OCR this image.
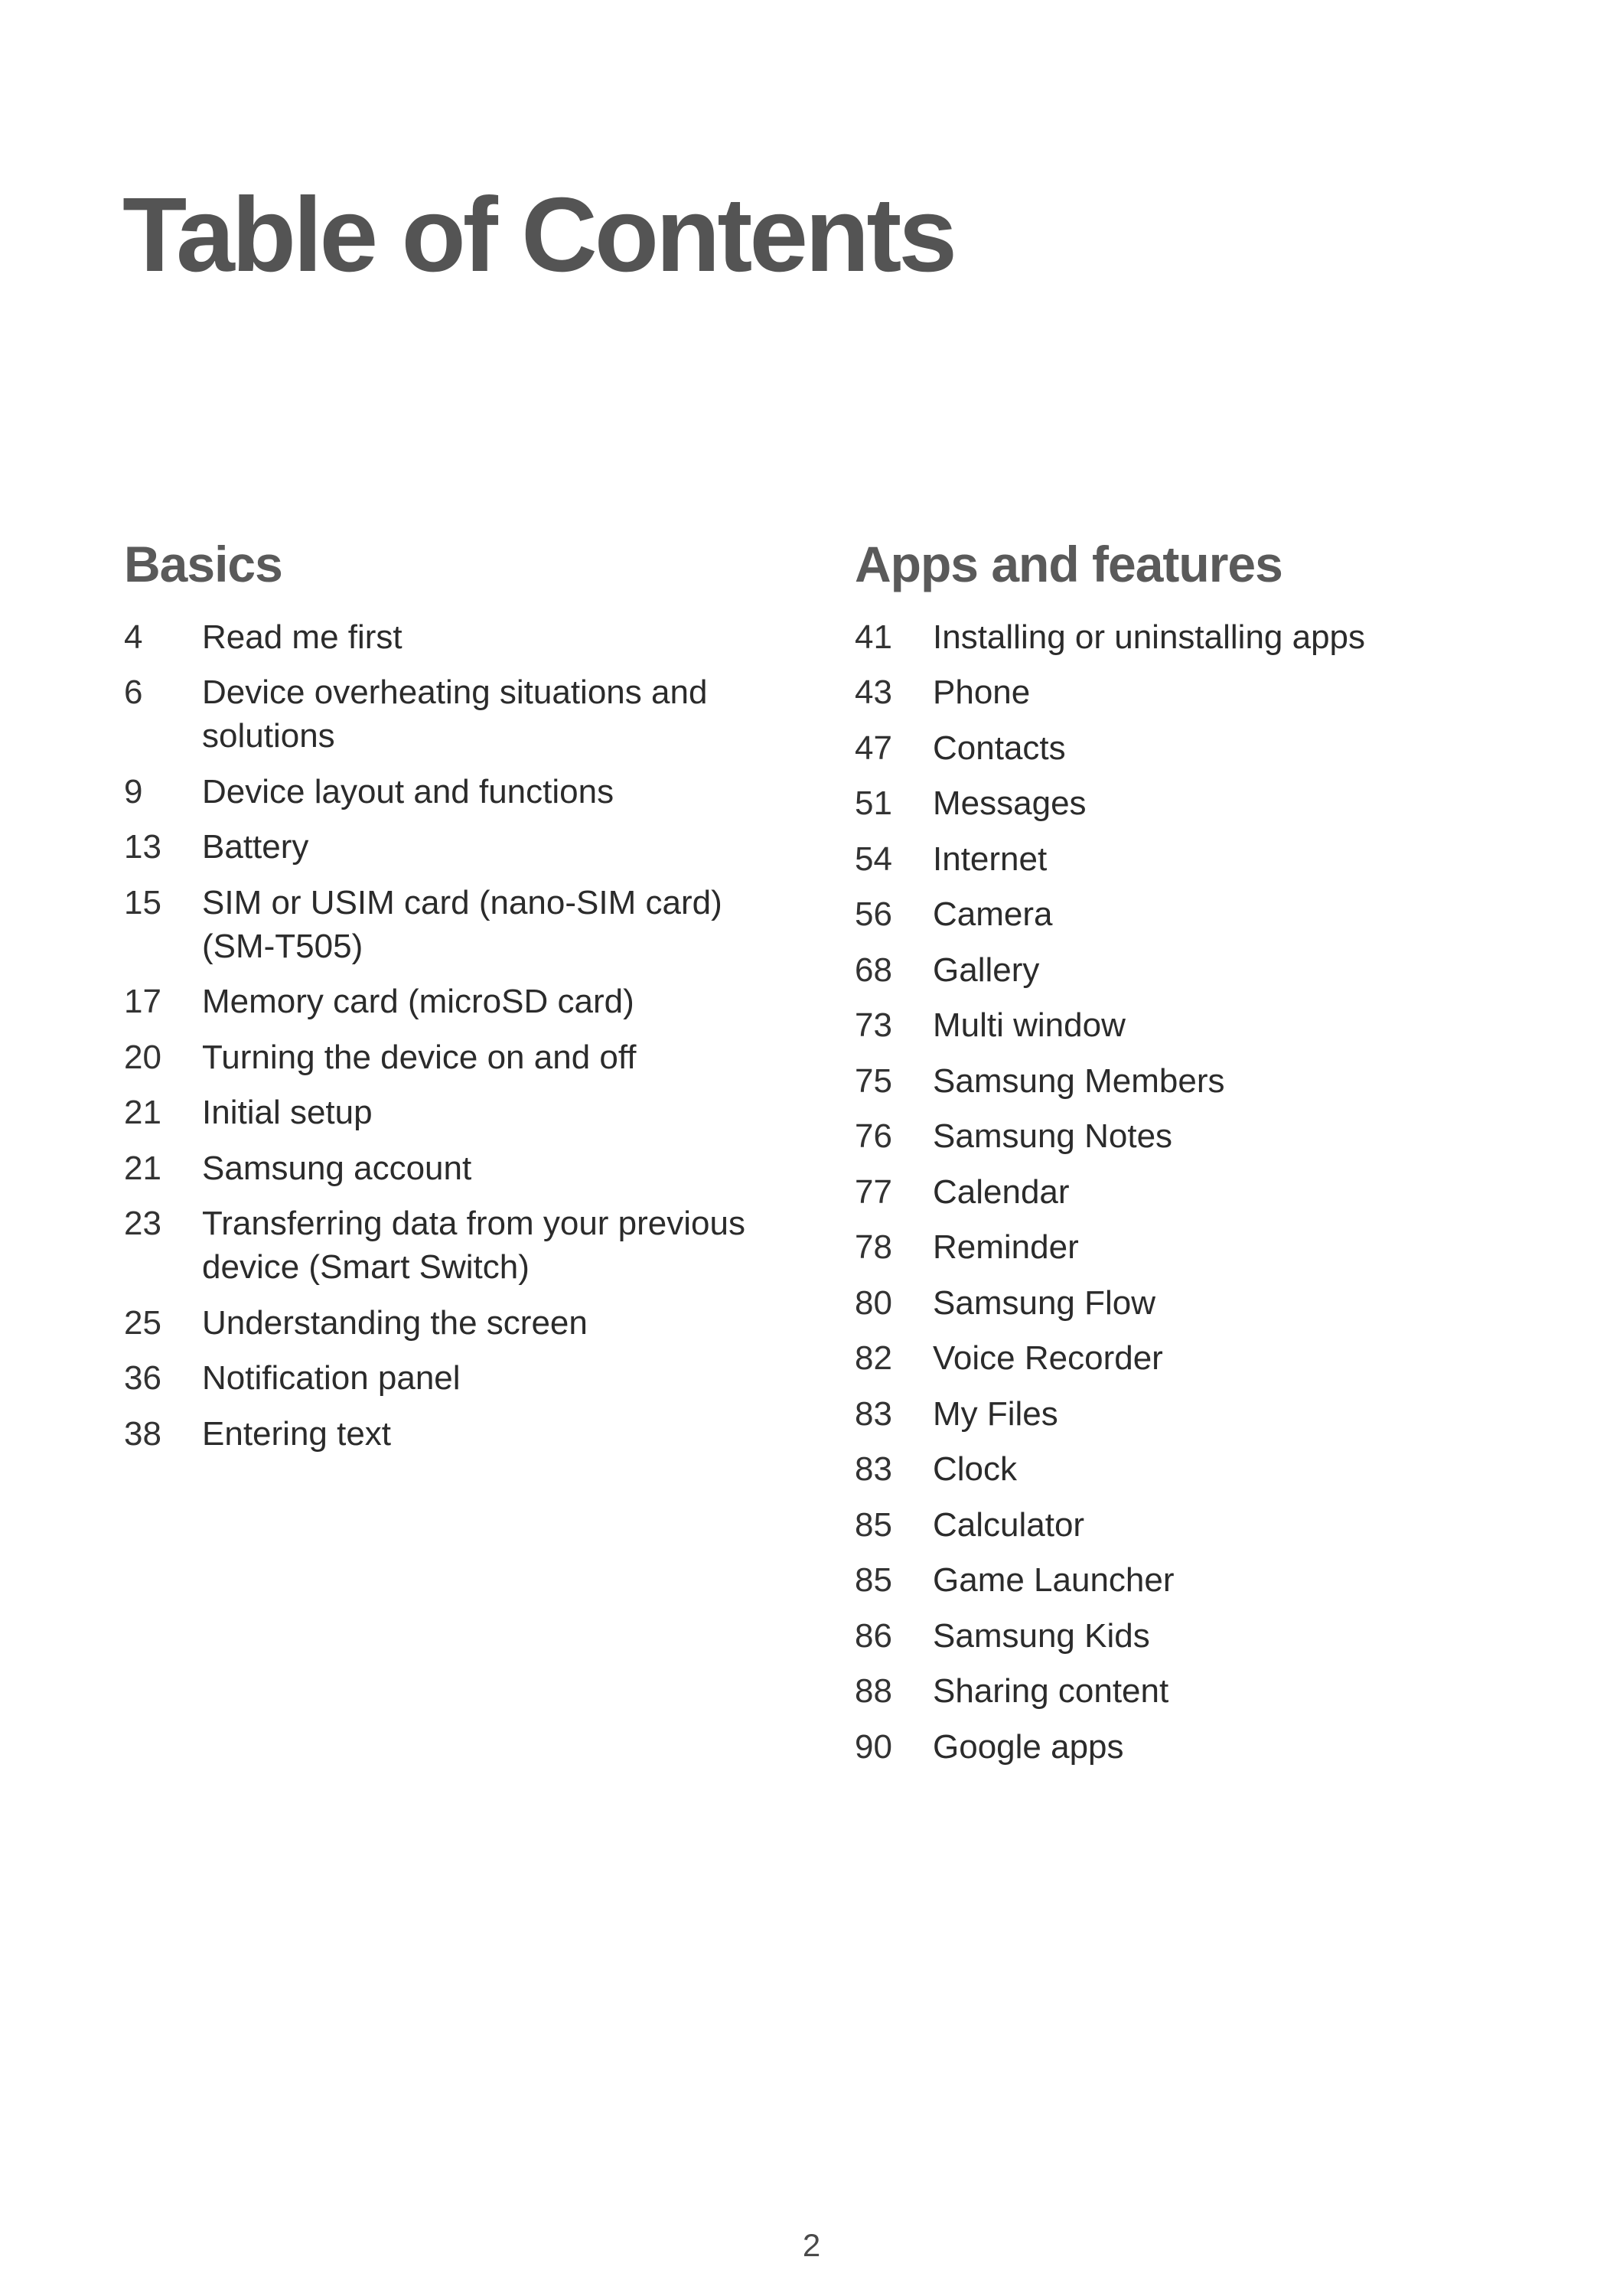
Table of Contents
Basics
4	Read me first
6	Device overheating situations and solutions
9	Device layout and functions
13	Battery
15	SIM or USIM card (nano-SIM card) (SM-T505)
17	Memory card (microSD card)
20	Turning the device on and off
21	Initial setup
21	Samsung account
23	Transferring data from your previous device (Smart Switch)
25	Understanding the screen
36	Notification panel
38	Entering text
Apps and features
41	Installing or uninstalling apps
43	Phone
47	Contacts
51	Messages
54	Internet
56	Camera
68	Gallery
73	Multi window
75	Samsung Members
76	Samsung Notes
77	Calendar
78	Reminder
80	Samsung Flow
82	Voice Recorder
83	My Files
83	Clock
85	Calculator
85	Game Launcher
86	Samsung Kids
88	Sharing content
90	Google apps
2
